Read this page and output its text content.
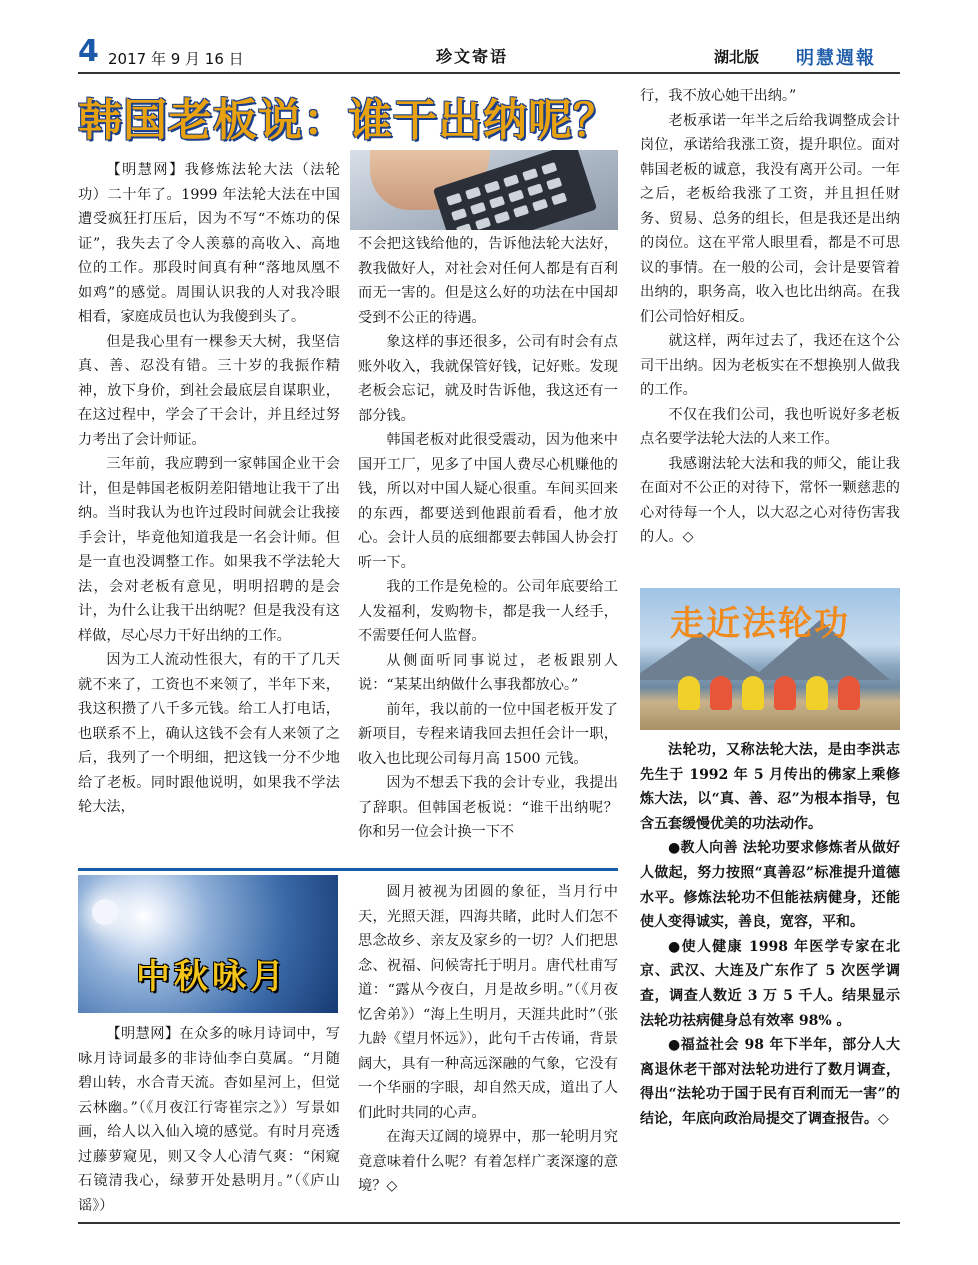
4 2017 年 9 月 16 日	珍文寄语	湖北版 明慧週報
韩国老板说：谁干出纳呢？

【明慧网】我修炼法轮大法（法轮功）二十年了。1999 年法轮大法在中国遭受疯狂打压后，因为不写“不炼功的保证”，我失去了令人羡慕的高收入、高地位的工作。那段时间真有种“落地凤凰不如鸡”的感觉。周围认识我的人对我冷眼相看，家庭成员也认为我傻到头了。

但是我心里有一棵参天大树，我坚信真、善、忍没有错。三十岁的我振作精神，放下身价，到社会最底层自谋职业，在这过程中，学会了干会计，并且经过努力考出了会计师证。

三年前，我应聘到一家韩国企业干会计，但是韩国老板阴差阳错地让我干了出纳。当时我认为也许过段时间就会让我接手会计，毕竟他知道我是一名会计师。但是一直也没调整工作。如果我不学法轮大法，会对老板有意见，明明招聘的是会计，为什么让我干出纳呢？但是我没有这样做，尽心尽力干好出纳的工作。

因为工人流动性很大，有的干了几天就不来了，工资也不来领了，半年下来，我这积攒了八千多元钱。给工人打电话，也联系不上，确认这钱不会有人来领了之后，我列了一个明细，把这钱一分不少地给了老板。同时跟他说明，如果我不学法轮大法，

不会把这钱给他的，告诉他法轮大法好，教我做好人，对社会对任何人都是有百利而无一害的。但是这么好的功法在中国却受到不公正的待遇。

象这样的事还很多，公司有时会有点账外收入，我就保管好钱，记好账。发现老板会忘记，就及时告诉他，我这还有一部分钱。

韩国老板对此很受震动，因为他来中国开工厂，见多了中国人费尽心机赚他的钱，所以对中国人疑心很重。车间买回来的东西，都要送到他跟前看看，他才放心。会计人员的底细都要去韩国人协会打听一下。

我的工作是免检的。公司年底要给工人发福利，发购物卡，都是我一人经手，不需要任何人监督。

从侧面听同事说过，老板跟别人说：“某某出纳做什么事我都放心。”

前年，我以前的一位中国老板开发了新项目，专程来请我回去担任会计一职，收入也比现公司每月高 1500 元钱。

因为不想丢下我的会计专业，我提出了辞职。但韩国老板说：“谁干出纳呢？你和另一位会计换一下不

行，我不放心她干出纳。”

老板承诺一年半之后给我调整成会计岗位，承诺给我涨工资，提升职位。面对韩国老板的诚意，我没有离开公司。一年之后，老板给我涨了工资，并且担任财务、贸易、总务的组长，但是我还是出纳的岗位。这在平常人眼里看，都是不可思议的事情。在一般的公司，会计是要管着出纳的，职务高，收入也比出纳高。在我们公司恰好相反。

就这样，两年过去了，我还在这个公司干出纳。因为老板实在不想换别人做我的工作。

不仅在我们公司，我也听说好多老板点名要学法轮大法的人来工作。

我感谢法轮大法和我的师父，能让我在面对不公正的对待下，常怀一颗慈悲的心对待每一个人，以大忍之心对待伤害我的人。◇

走近法轮功

法轮功，又称法轮大法，是由李洪志先生于 1992 年 5 月传出的佛家上乘修炼大法，以“真、善、忍”为根本指导，包含五套缓慢优美的功法动作。

●教人向善 法轮功要求修炼者从做好人做起，努力按照“真善忍”标准提升道德水平。修炼法轮功不但能祛病健身，还能使人变得诚实，善良，宽容，平和。

●使人健康 1998 年医学专家在北京、武汉、大连及广东作了 5 次医学调查，调查人数近 3 万 5 千人。结果显示法轮功祛病健身总有效率 98% 。

●福益社会 98 年下半年，部分人大离退休老干部对法轮功进行了数月调查，得出“法轮功于国于民有百利而无一害”的结论，年底向政治局提交了调查报告。◇

中秋咏月

【明慧网】在众多的咏月诗词中，写咏月诗词最多的非诗仙李白莫属。“月随碧山转，水合青天流。杳如星河上，但觉云林幽。”（《月夜江行寄崔宗之》）写景如画，给人以入仙入境的感觉。有时月亮透过藤萝窥见，则又令人心清气爽：“闲窥石镜清我心，绿萝开处悬明月。”（《庐山谣》）

圆月被视为团圆的象征，当月行中天，光照天涯，四海共睹，此时人们怎不思念故乡、亲友及家乡的一切？人们把思念、祝福、问候寄托于明月。唐代杜甫写道：“露从今夜白，月是故乡明。”（《月夜忆舍弟》）“海上生明月，天涯共此时”（张九龄《望月怀远》），此句千古传诵，背景阔大，具有一种高远深融的气象，它没有一个华丽的字眼，却自然天成，道出了人们此时共同的心声。

在海天辽阔的境界中，那一轮明月究竟意味着什么呢？有着怎样广袤深邃的意境？◇
